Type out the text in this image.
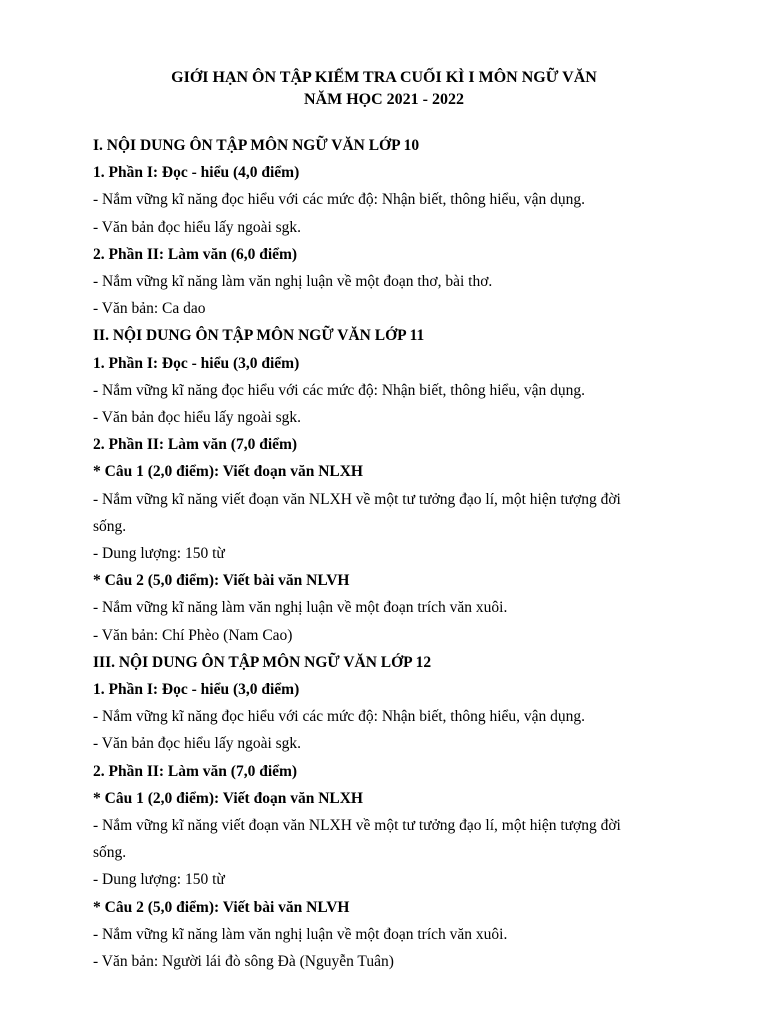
GIỚI HẠN ÔN TẬP KIẾM TRA CUỐI KÌ I MÔN NGỮ VĂN
NĂM HỌC 2021 - 2022
I. NỘI DUNG ÔN TẬP MÔN NGỮ VĂN LỚP 10
1. Phần I: Đọc - hiểu (4,0 điểm)
- Nắm vững kĩ năng đọc hiểu với các mức độ: Nhận biết, thông hiểu, vận dụng.
- Văn bản đọc hiểu lấy ngoài sgk.
2. Phần II: Làm văn (6,0 điểm)
- Nắm vững kĩ năng làm văn nghị luận về một đoạn thơ, bài thơ.
- Văn bản: Ca dao
II. NỘI DUNG ÔN TẬP MÔN NGỮ VĂN LỚP 11
1. Phần I: Đọc - hiểu (3,0 điểm)
- Nắm vững kĩ năng đọc hiểu với các mức độ: Nhận biết, thông hiểu, vận dụng.
- Văn bản đọc hiểu lấy ngoài sgk.
2. Phần II: Làm văn (7,0 điểm)
* Câu 1 (2,0 điểm): Viết đoạn văn NLXH
- Nắm vững kĩ năng viết đoạn văn NLXH về một tư tưởng đạo lí, một hiện tượng đời
sống.
- Dung lượng: 150 từ
* Câu 2 (5,0 điểm): Viết bài văn NLVH
- Nắm vững kĩ năng làm văn nghị luận về một đoạn trích văn xuôi.
- Văn bản: Chí Phèo (Nam Cao)
III. NỘI DUNG ÔN TẬP MÔN NGỮ VĂN LỚP 12
1. Phần I: Đọc - hiểu (3,0 điểm)
- Nắm vững kĩ năng đọc hiểu với các mức độ: Nhận biết, thông hiểu, vận dụng.
- Văn bản đọc hiểu lấy ngoài sgk.
2. Phần II: Làm văn (7,0 điểm)
* Câu 1 (2,0 điểm): Viết đoạn văn NLXH
- Nắm vững kĩ năng viết đoạn văn NLXH về một tư tưởng đạo lí, một hiện tượng đời
sống.
- Dung lượng: 150 từ
* Câu 2 (5,0 điểm): Viết bài văn NLVH
- Nắm vững kĩ năng làm văn nghị luận về một đoạn trích văn xuôi.
- Văn bản: Người lái đò sông Đà (Nguyễn Tuân)
